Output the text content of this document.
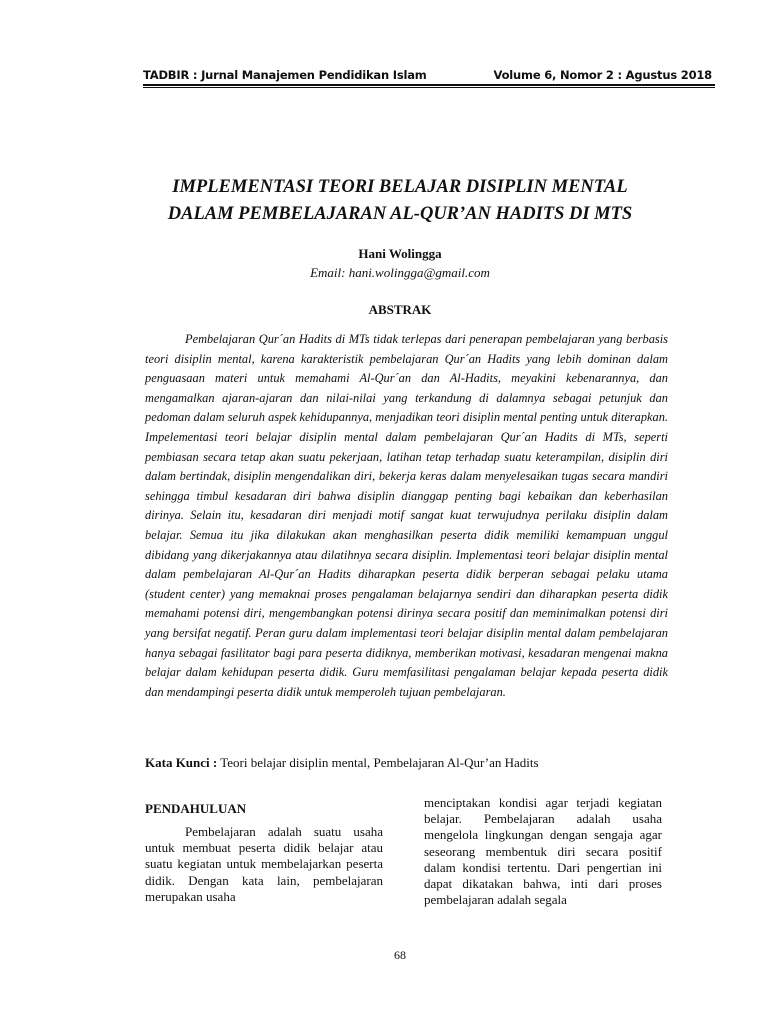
TADBIR : Jurnal Manajemen Pendidikan Islam	Volume 6, Nomor 2 : Agustus 2018
IMPLEMENTASI TEORI BELAJAR DISIPLIN MENTAL
DALAM PEMBELAJARAN AL-QUR’AN HADITS DI MTS
Hani Wolingga
Email: hani.wolingga@gmail.com
ABSTRAK

Pembelajaran Qur´an Hadits di MTs tidak terlepas dari penerapan pembelajaran yang berbasis teori disiplin mental, karena karakteristik pembelajaran Qur´an Hadits yang lebih dominan dalam penguasaan materi untuk memahami Al-Qur´an dan Al-Hadits, meyakini kebenarannya, dan mengamalkan ajaran-ajaran dan nilai-nilai yang terkandung di dalamnya sebagai petunjuk dan pedoman dalam seluruh aspek kehidupannya, menjadikan teori disiplin mental penting untuk diterapkan. Impelementasi teori belajar disiplin mental dalam pembelajaran Qur´an Hadits di MTs, seperti pembiasan secara tetap akan suatu pekerjaan, latihan tetap terhadap suatu keterampilan, disiplin diri dalam bertindak, disiplin mengendalikan diri, bekerja keras dalam menyelesaikan tugas secara mandiri sehingga timbul kesadaran diri bahwa disiplin dianggap penting bagi kebaikan dan keberhasilan dirinya. Selain itu, kesadaran diri menjadi motif sangat kuat terwujudnya perilaku disiplin dalam belajar. Semua itu jika dilakukan akan menghasilkan peserta didik memiliki kemampuan unggul dibidang yang dikerjakannya atau dilatihnya secara disiplin. Implementasi teori belajar disiplin mental dalam pembelajaran Al-Qur´an Hadits diharapkan peserta didik berperan sebagai pelaku utama (student center) yang memaknai proses pengalaman belajarnya sendiri dan diharapkan peserta didik memahami potensi diri, mengembangkan potensi dirinya secara positif dan meminimalkan potensi diri yang bersifat negatif. Peran guru dalam implementasi teori belajar disiplin mental dalam pembelajaran hanya sebagai fasilitator bagi para peserta didiknya, memberikan motivasi, kesadaran mengenai makna belajar dalam kehidupan peserta didik. Guru memfasilitasi pengalaman belajar kepada peserta didik dan mendampingi peserta didik untuk memperoleh tujuan pembelajaran.

Kata Kunci : Teori belajar disiplin mental, Pembelajaran Al-Qur’an Hadits
PENDAHULUAN

Pembelajaran adalah suatu usaha untuk membuat peserta didik belajar atau suatu kegiatan untuk membelajarkan peserta didik. Dengan kata lain, pembelajaran merupakan usaha

menciptakan kondisi agar terjadi kegiatan belajar. Pembelajaran adalah usaha mengelola lingkungan dengan sengaja agar seseorang membentuk diri secara positif dalam kondisi tertentu. Dari pengertian ini dapat dikatakan bahwa, inti dari proses pembelajaran adalah segala

68
